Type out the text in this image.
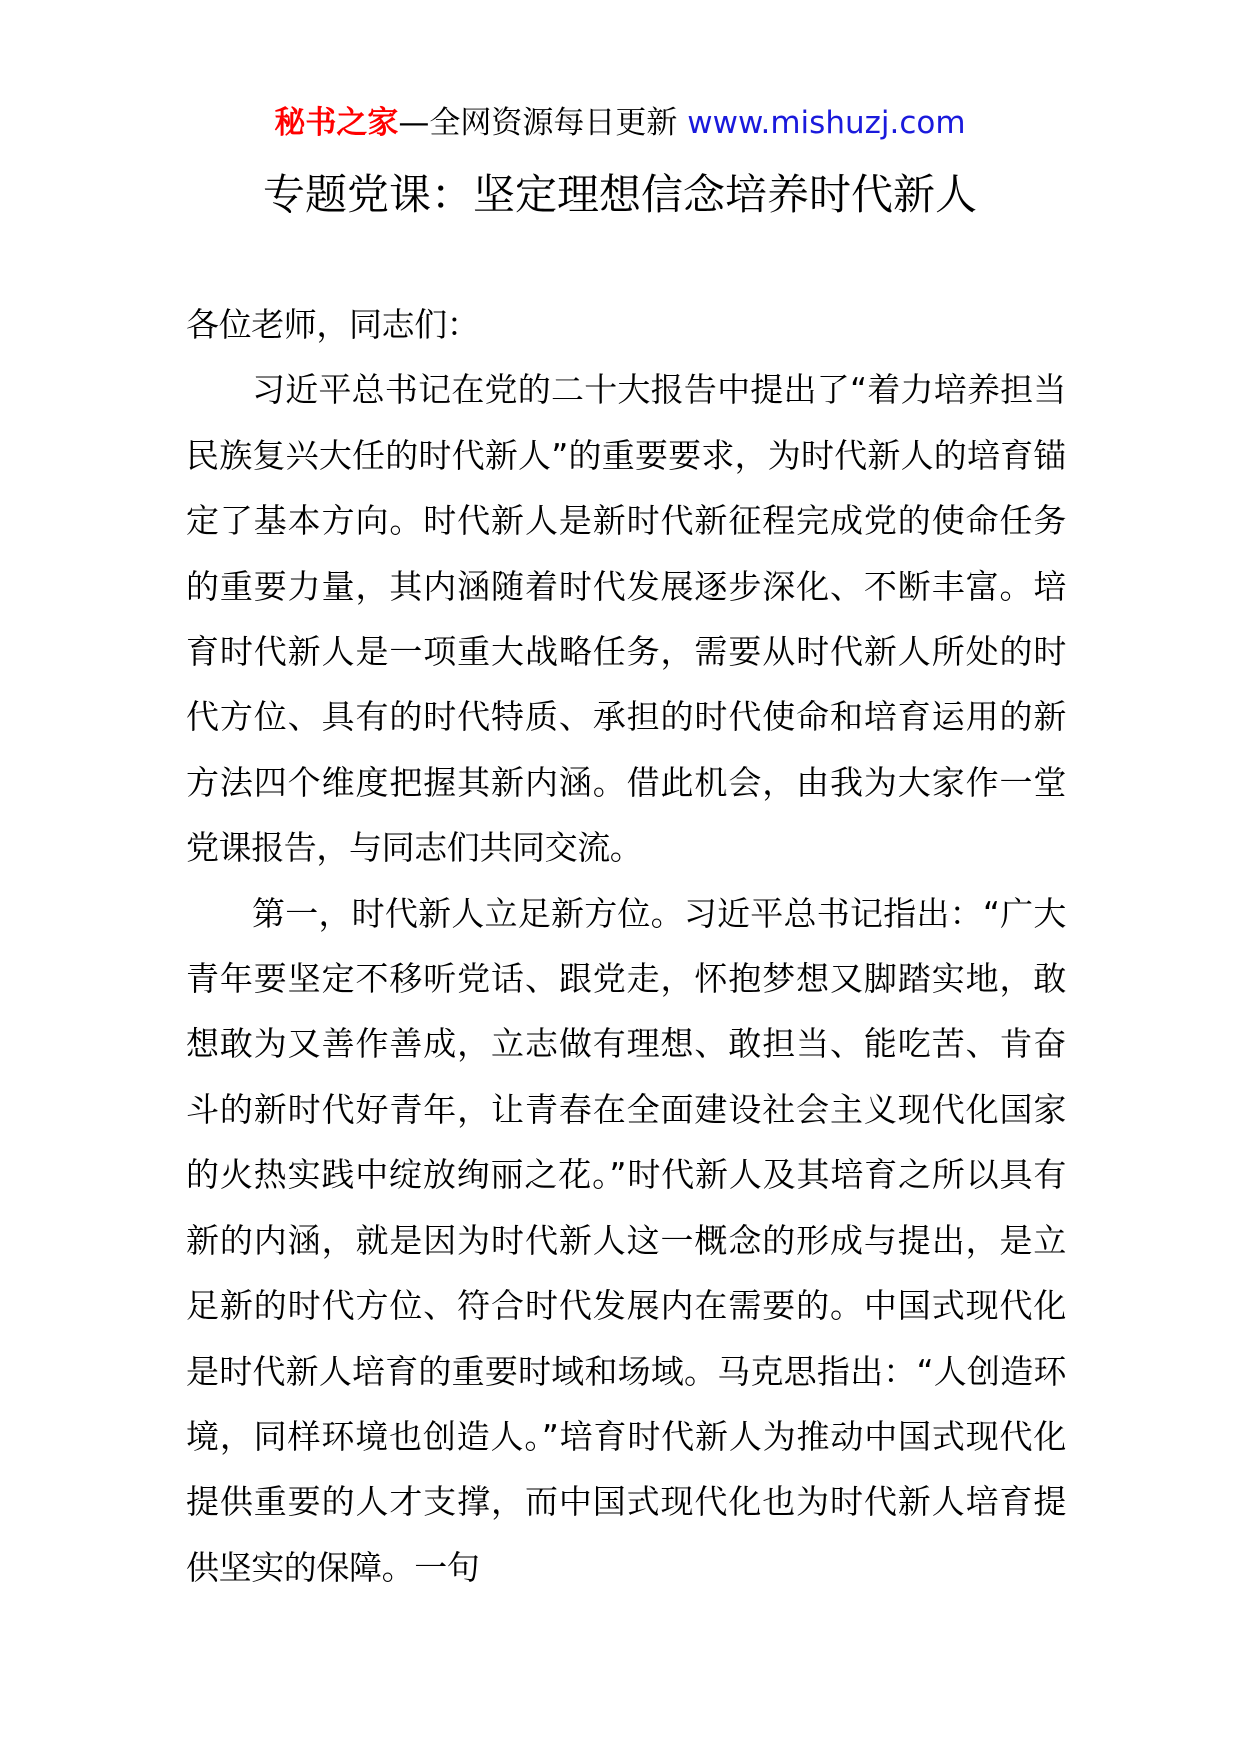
秘书之家—全网资源每日更新 www.mishuzj.com
专题党课：坚定理想信念培养时代新人

各位老师，同志们：

习近平总书记在党的二十大报告中提出了“着力培养担当民族复兴大任的时代新人”的重要要求，为时代新人的培育锚定了基本方向。时代新人是新时代新征程完成党的使命任务的重要力量，其内涵随着时代发展逐步深化、不断丰富。培育时代新人是一项重大战略任务，需要从时代新人所处的时代方位、具有的时代特质、承担的时代使命和培育运用的新方法四个维度把握其新内涵。借此机会，由我为大家作一堂党课报告，与同志们共同交流。

第一，时代新人立足新方位。习近平总书记指出：“广大青年要坚定不移听党话、跟党走，怀抱梦想又脚踏实地，敢想敢为又善作善成，立志做有理想、敢担当、能吃苦、肯奋斗的新时代好青年，让青春在全面建设社会主义现代化国家的火热实践中绽放绚丽之花。”时代新人及其培育之所以具有新的内涵，就是因为时代新人这一概念的形成与提出，是立足新的时代方位、符合时代发展内在需要的。中国式现代化是时代新人培育的重要时域和场域。马克思指出：“人创造环境，同样环境也创造人。”培育时代新人为推动中国式现代化提供重要的人才支撑，而中国式现代化也为时代新人培育提供坚实的保障。一句
